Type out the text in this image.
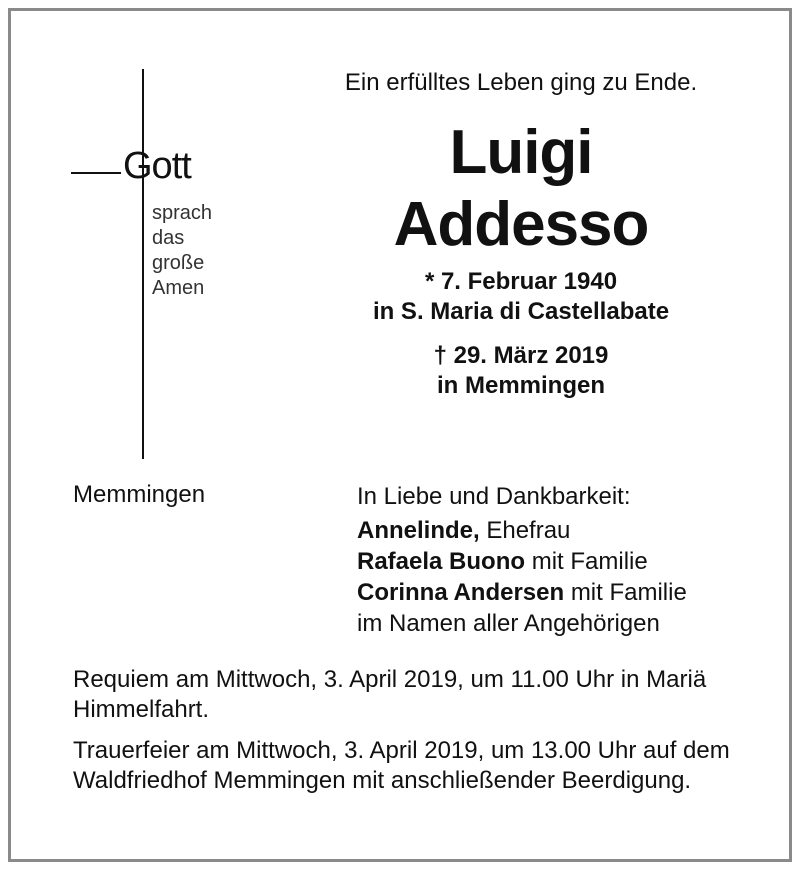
Gott
sprach
das
große
Amen
Ein erfülltes Leben ging zu Ende.
Luigi
Addesso
* 7. Februar 1940
in S. Maria di Castellabate
† 29. März 2019
in Memmingen
Memmingen	In Liebe und Dankbarkeit:
Annelinde, Ehefrau
Rafaela Buono mit Familie
Corinna Andersen mit Familie
im Namen aller Angehörigen
Requiem am Mittwoch, 3. April 2019, um 11.00 Uhr in Mariä Himmelfahrt.
Trauerfeier am Mittwoch, 3. April 2019, um 13.00 Uhr auf dem Waldfriedhof Memmingen mit anschließender Beerdigung.
